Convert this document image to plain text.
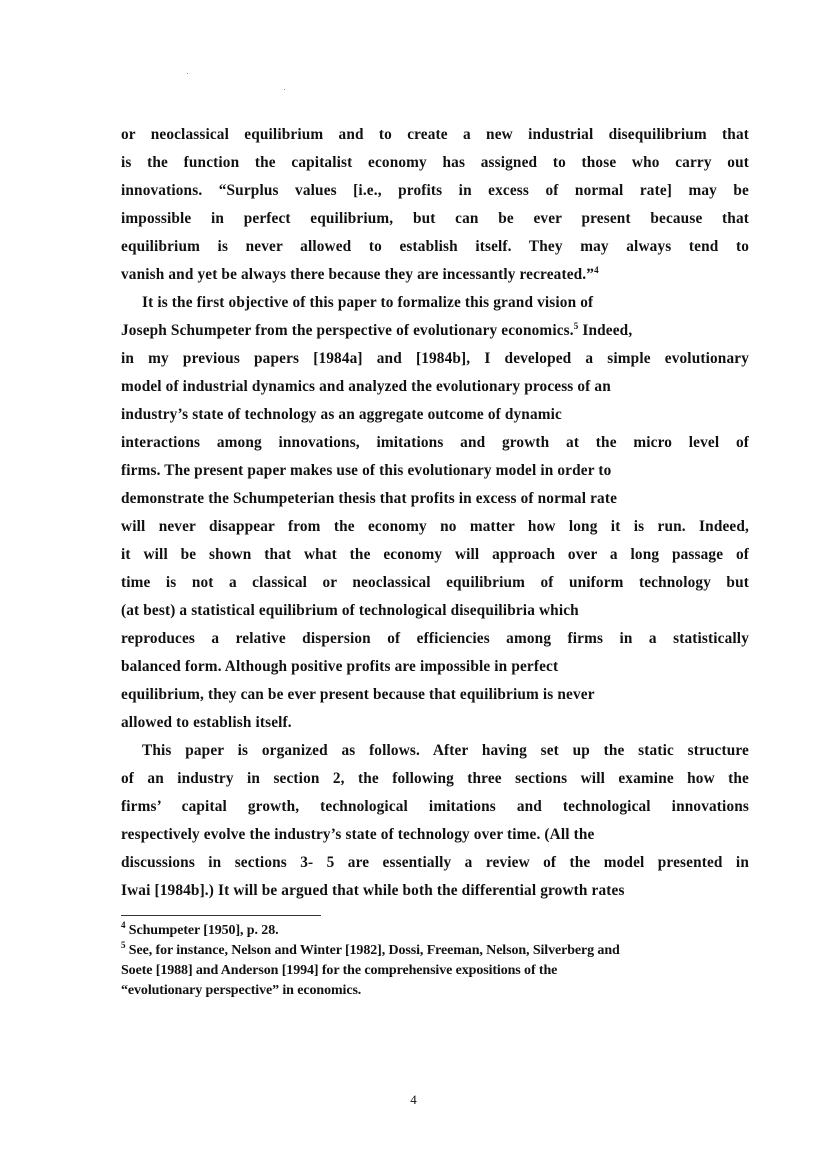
or neoclassical equilibrium and to create a new industrial disequilibrium that
is the function the capitalist economy has assigned to those who carry out
innovations. “Surplus values [i.e., profits in excess of normal rate] may be
impossible in perfect equilibrium, but can be ever present because that
equilibrium is never allowed to establish itself. They may always tend to
vanish and yet be always there because they are incessantly recreated.”$^4$
It is the first objective of this paper to formalize this grand vision of
Joseph Schumpeter from the perspective of evolutionary economics.$^5$ Indeed,
in my previous papers [1984a] and [1984b], I developed a simple evolutionary
model of industrial dynamics and analyzed the evolutionary process of an
industry’s state of technology as an aggregate outcome of dynamic
interactions among innovations, imitations and growth at the micro level of
firms. The present paper makes use of this evolutionary model in order to
demonstrate the Schumpeterian thesis that profits in excess of normal rate
will never disappear from the economy no matter how long it is run. Indeed,
it will be shown that what the economy will approach over a long passage of
time is not a classical or neoclassical equilibrium of uniform technology but
(at best) a statistical equilibrium of technological disequilibria which
reproduces a relative dispersion of efficiencies among firms in a statistically
balanced form. Although positive profits are impossible in perfect
equilibrium, they can be ever present because that equilibrium is never
allowed to establish itself.
This paper is organized as follows. After having set up the static structure
of an industry in section 2, the following three sections will examine how the
firms’ capital growth, technological imitations and technological innovations
respectively evolve the industry’s state of technology over time. (All the
discussions in sections 3- 5 are essentially a review of the model presented in
Iwai [1984b].) It will be argued that while both the differential growth rates
$^4$ Schumpeter [1950], p. 28.
$^5$ See, for instance, Nelson and Winter [1982], Dossi, Freeman, Nelson, Silverberg and
Soete [1988] and Anderson [1994] for the comprehensive expositions of the
“evolutionary perspective” in economics.
4
